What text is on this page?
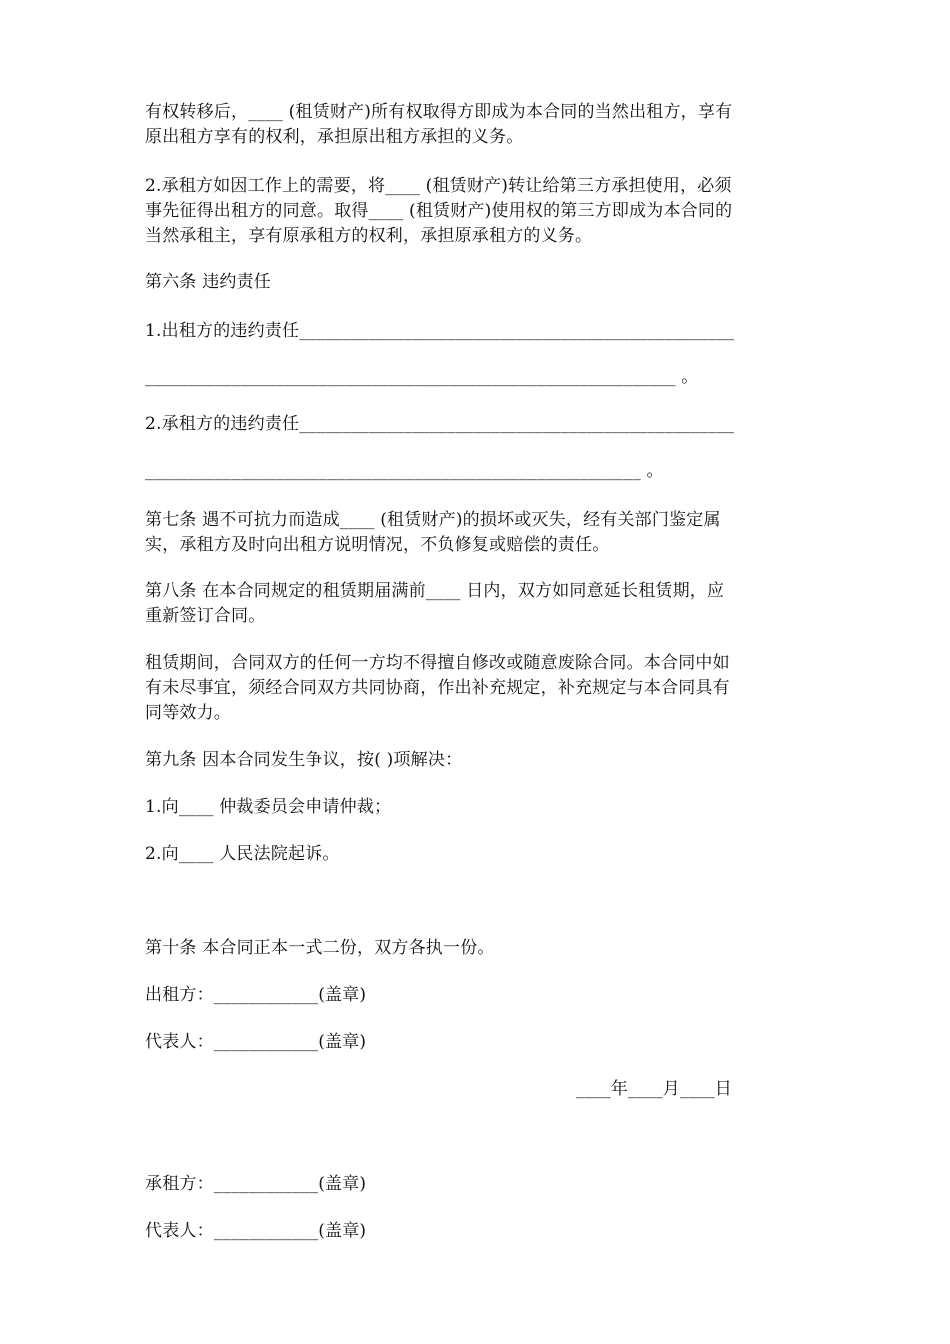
有权转移后，____ (租赁财产)所有权取得方即成为本合同的当然出租方，享有
原出租方享有的权利，承担原出租方承担的义务。
2.承租方如因工作上的需要，将____ (租赁财产)转让给第三方承担使用，必须
事先征得出租方的同意。取得____ (租赁财产)使用权的第三方即成为本合同的
当然承租主，享有原承租方的权利，承担原承租方的义务。
第六条 违约责任
1.出租方的违约责任__________________________________________________
_____________________________________________________________ 。
2.承租方的违约责任__________________________________________________
_________________________________________________________ 。
第七条 遇不可抗力而造成____ (租赁财产)的损坏或灭失，经有关部门鉴定属
实，承租方及时向出租方说明情况，不负修复或赔偿的责任。
第八条 在本合同规定的租赁期届满前____ 日内，双方如同意延长租赁期，应
重新签订合同。
租赁期间，合同双方的任何一方均不得擅自修改或随意废除合同。本合同中如
有未尽事宜，须经合同双方共同协商，作出补充规定，补充规定与本合同具有
同等效力。
第九条 因本合同发生争议，按( )项解决：
1.向____ 仲裁委员会申请仲裁；
2.向____ 人民法院起诉。
第十条 本合同正本一式二份，双方各执一份。
出租方：____________(盖章)
代表人：____________(盖章)
____年____月____日
承租方：____________(盖章)
代表人：____________(盖章)
